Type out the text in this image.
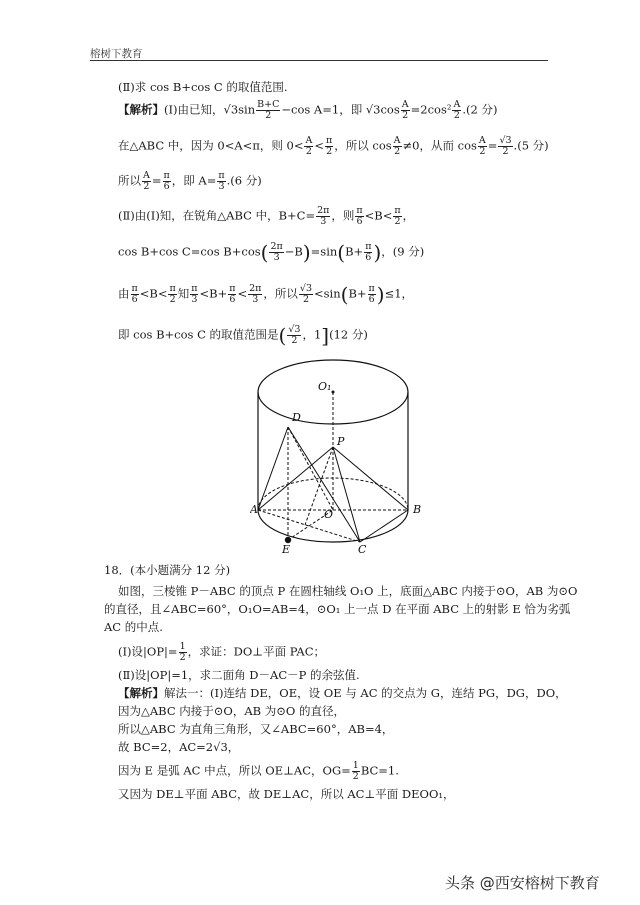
榕树下教育
(Ⅱ)求 cos B+cos C 的取值范围.
【解析】(Ⅰ)由已知，$√3\sin \frac{B+C}{2} -\cos$ A=1，即 $√3\cos \frac{A}{2} =2\cos^2 \frac{A}{2} .(2$ 分)
在△ABC 中，因为 0<A<π，则 $0< \frac{A}{2} < \frac{\pi}{2}$ ，所以 $\cos \frac{A}{2} \ne 0$，从而 $\cos \frac{A}{2} = \frac{√3}{2} .(5$ 分)
所以 $\frac{A}{2} = \frac{\pi}{6}$ ，即 $A= \frac{\pi}{3} .(6$ 分)
(Ⅱ)由(Ⅰ)知，在锐角△ABC 中，$B+C= \frac{2\pi}{3}$ ，则 $\frac{\pi}{6} <B< \frac{\pi}{2}$ ，
cos B+cos C=cos $B+\cos( \frac{2\pi}{3} -B)=\sin(B+ \frac{\pi}{6}$ )，(9 分)
由 $\frac{\pi}{6} <B< \frac{\pi}{2}$ 知 $\frac{\pi}{3} <B+ \frac{\pi}{6} < \frac{2\pi}{3}$ ，所以 $\frac{√3}{2} <\sin(B+ \frac{\pi}{6} )\le 1$，
即 cos B+cos C 的取值范围是( $\frac{√3}{2}$ ，1](12 分)
O₁
D
P
A	O	B
E	C
18．(本小题满分 12 分)
如图，三棱锥 P－ABC 的顶点 P 在圆柱轴线 O₁O 上，底面△ABC 内接于⊙O，AB 为⊙O
的直径，且∠ABC=60°，O₁O=AB=4，⊙O₁ 上一点 D 在平面 ABC 上的射影 E 恰为劣弧
AC 的中点.
(Ⅰ)设$|OP|= \frac{1}{2}$ ，求证：DO⊥平面 PAC；
(Ⅱ)设|OP|=1，求二面角 D－AC－P 的余弦值.
【解析】解法一：(Ⅰ)连结 DE，OE，设 OE 与 AC 的交点为 G，连结 PG，DG，DO，
因为△ABC 内接于⊙O，AB 为⊙O 的直径，
所以△ABC 为直角三角形，又∠ABC=60°，AB=4，
故 BC=2，AC=2√3，
因为 E 是弧 AC 中点，所以 OE⊥AC，$OG= \frac{1}{2} BC=1$.
又因为 DE⊥平面 ABC，故 DE⊥AC，所以 AC⊥平面 DEOO₁，
头条 @西安榕树下教育
